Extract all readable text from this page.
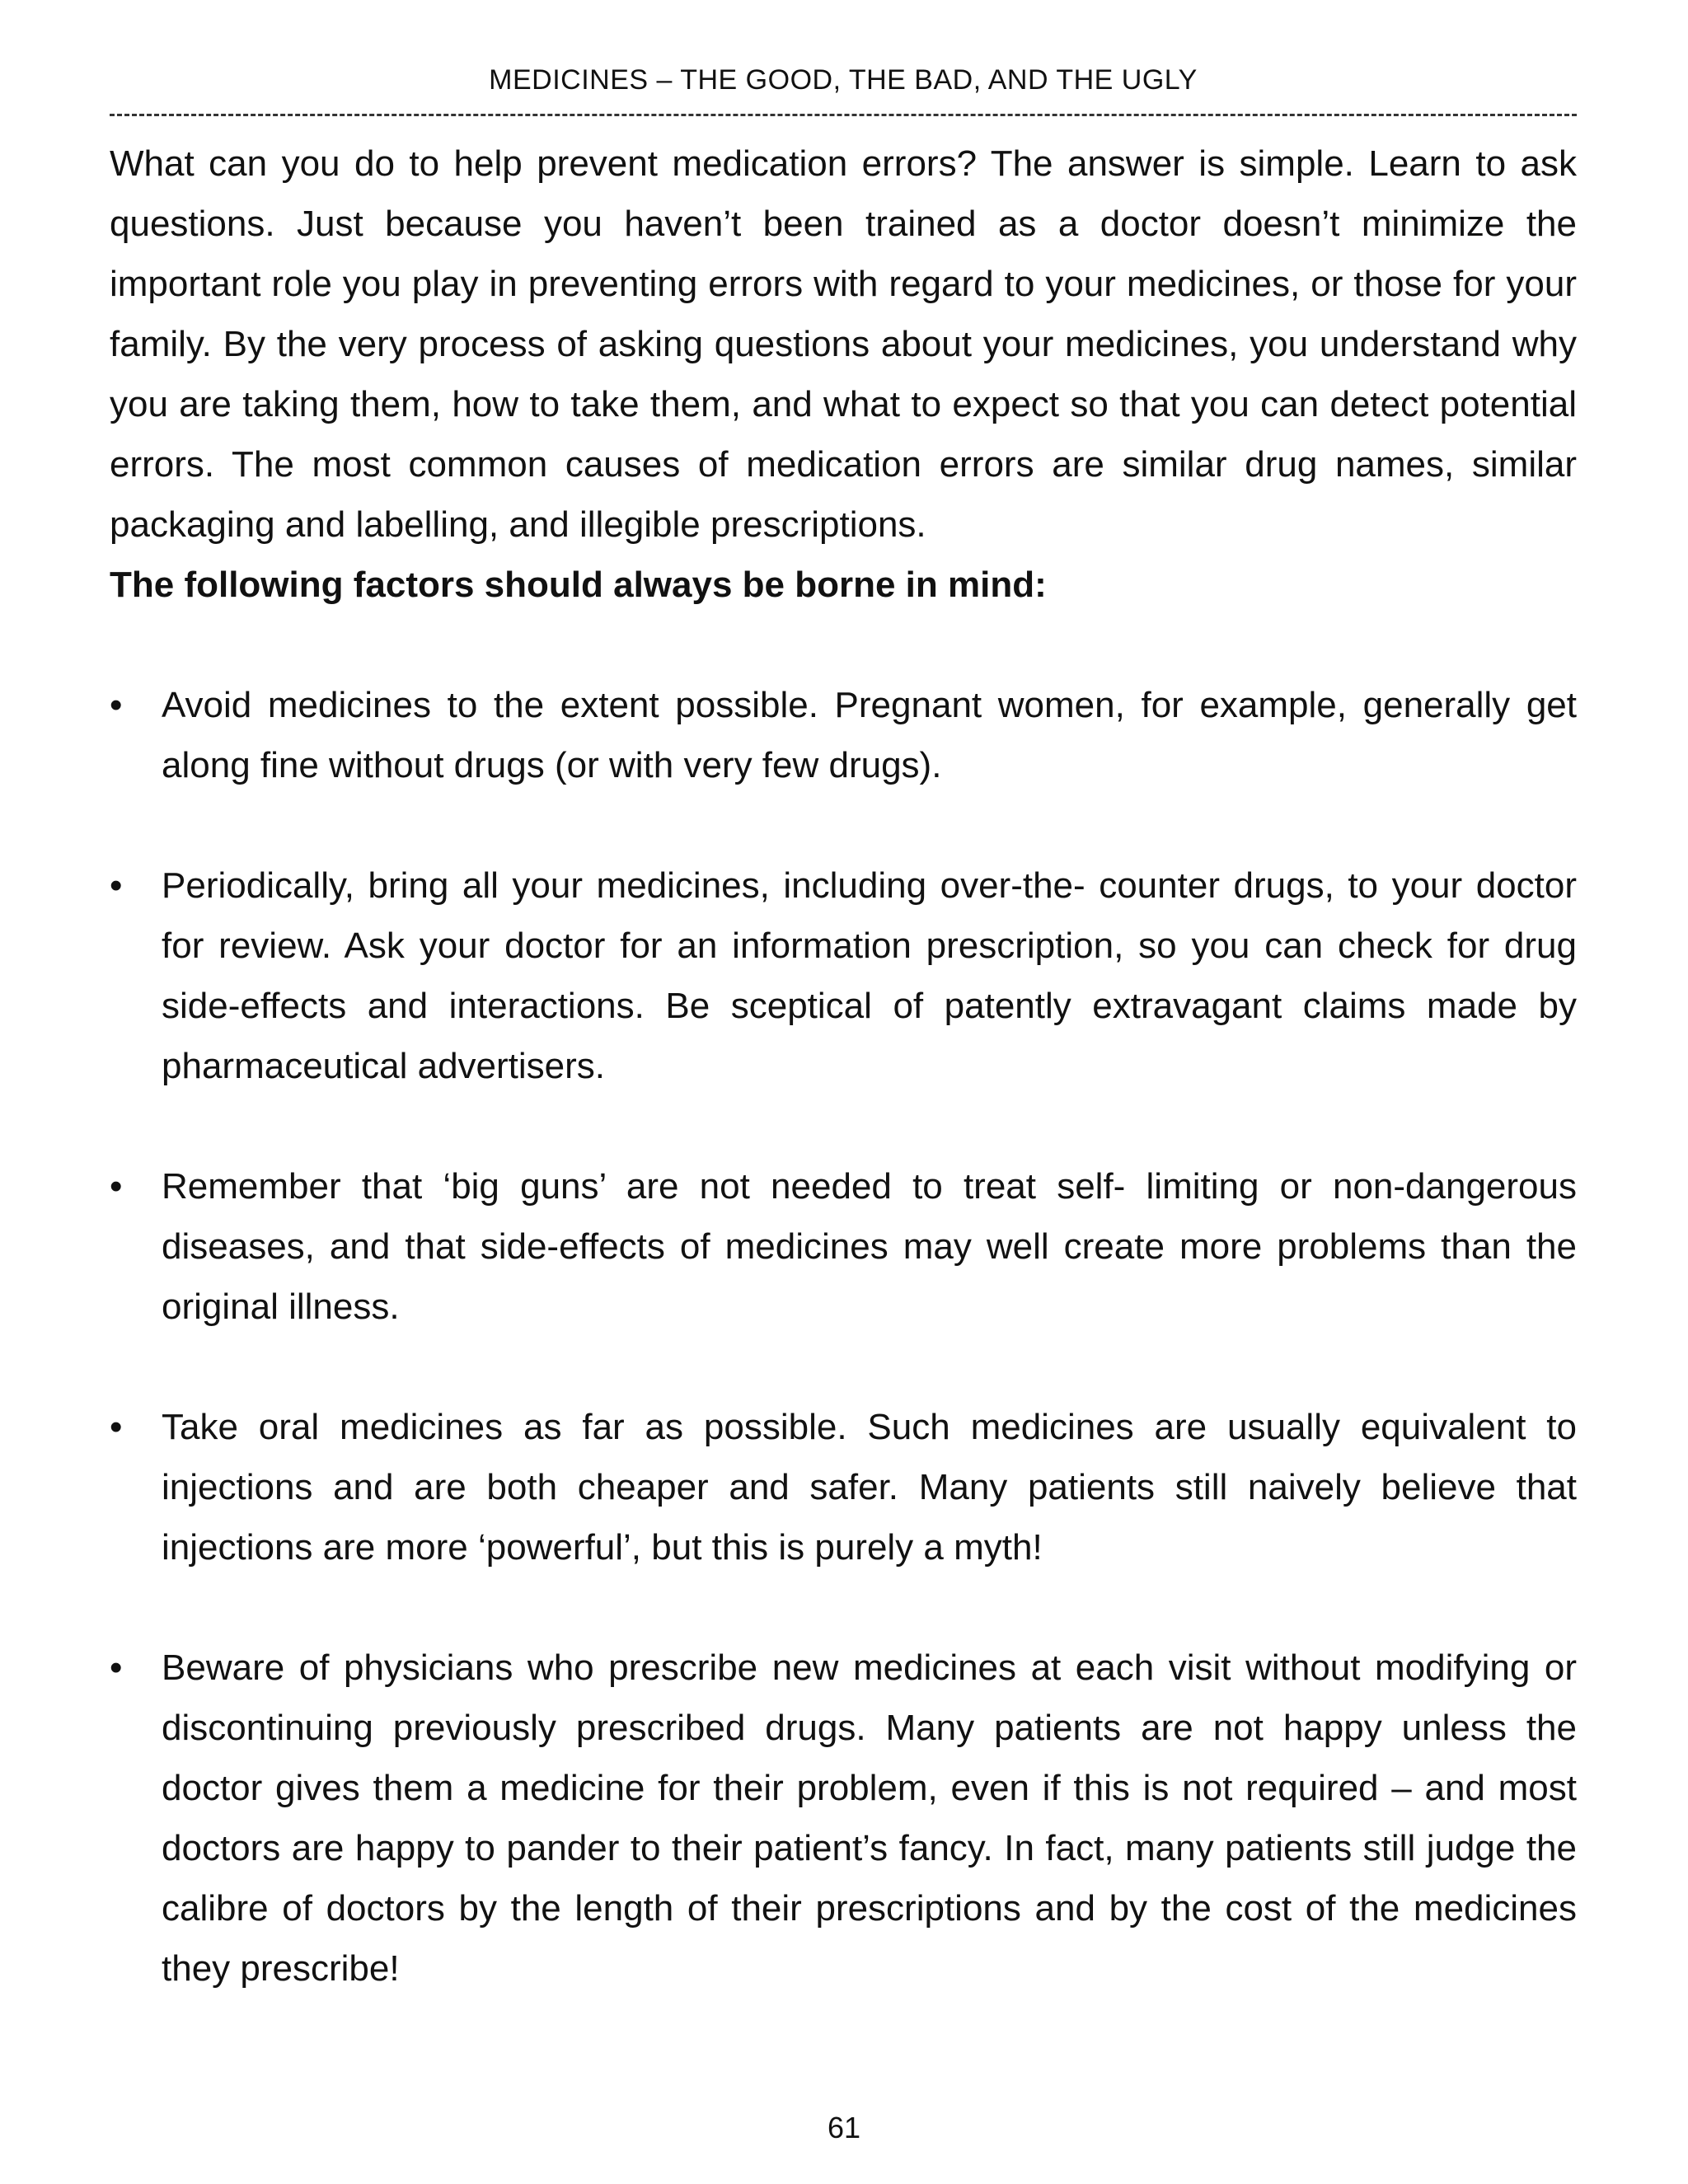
MEDICINES – THE GOOD, THE BAD, AND THE UGLY

What can you do to help prevent medication errors? The answer is simple. Learn to ask questions. Just because you haven’t been trained as a doctor doesn’t minimize the important role you play in preventing errors with regard to your medicines, or those for your family. By the very process of asking questions about your medicines, you understand why you are taking them, how to take them, and what to expect so that you can detect potential errors. The most common causes of medication errors are similar drug names, similar packaging and labelling, and illegible prescriptions.

The following factors should always be borne in mind:

•	Avoid medicines to the extent possible. Pregnant women, for example, generally get along fine without drugs (or with very few drugs).
•	Periodically, bring all your medicines, including over-the- counter drugs, to your doctor for review. Ask your doctor for an information prescription, so you can check for drug side-effects and interactions. Be sceptical of patently extravagant claims made by pharmaceutical advertisers.
•	Remember that ‘big guns’ are not needed to treat self- limiting or non-dangerous diseases, and that side-effects of medicines may well create more problems than the original illness.
•	Take oral medicines as far as possible. Such medicines are usually equivalent to injections and are both cheaper and safer. Many patients still naively believe that injections are more ‘powerful’, but this is purely a myth!
•	Beware of physicians who prescribe new medicines at each visit without modifying or discontinuing previously prescribed drugs. Many patients are not happy unless the doctor gives them a medicine for their problem, even if this is not required – and most doctors are happy to pander to their patient’s fancy. In fact, many patients still judge the calibre of doctors by the length of their prescriptions and by the cost of the medicines they prescribe!
61
